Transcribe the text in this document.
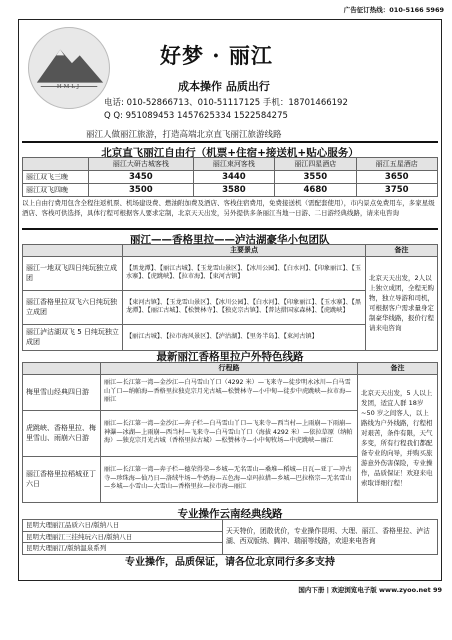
广告征订热线：010-5166 5969
HMLJ
好梦 · 丽江
成本操作 品质出行
电话: 010-52866713、010-51117125 手机：18701466192
Q Q: 951089453 1457625334 1522584275
丽江人做丽江旅游，打造高端北京直飞丽江旅游线路
北京直飞丽江自由行（机票+住宿+接送机+贴心服务）
	丽江大研古城客栈	丽江束河客栈	丽江四星酒店	丽江五星酒店
丽江双飞三晚	3450	3440	3550	3650
丽江双飞四晚	3500	3580	4680	3750
以上自由行费用包含全程往返机票、机场建设费、燃油附加费及酒店、客栈住宿费用，免费接送机（需配套使用），市内景点免费用车，多家星级酒店、客栈可供选择，具体行程可根据客人要求定制，北京天天出发，另外提供多条丽江当地一日游、二日游经典线路，请来电咨询
丽江——香格里拉——泸沽湖豪华小包团队
	主要景点	备注
丽江一地双飞四日纯玩独立成团	【黑龙潭】、【丽江古城】、【玉龙雪山景区】、【冰川公园】、【白水河】、【印象丽江】、【玉水寨】、【虎跳峡】、【拉市海】、【束河古镇】	北京天天出发，2人以上独立成团，全程无购物，独立导游和司机，可根据客户需求量身定制豪华线路，报价行程请来电咨询
丽江香格里拉双飞六日纯玩独立成团	【束河古镇】、【玉龙雪山景区】、【冰川公园】、【白水河】、【印象丽江】、【玉水寨】、【黑龙潭】、【丽江古城】、【松赞林寺】、【独克宗古镇】、【普达措国家森林】、【虎跳峡】	
丽江泸沽湖双飞 5 日纯玩独立成团	【丽江古城】、【拉市海风景区】、【泸沽湖】、【里务半岛】、【束河古镇】	
最新丽江香格里拉户外特色线路
	行程路	备注
梅里雪山经典四日游	丽江—长江第一湾—金沙江—白马雪山丫口（4292 米）—飞来寺—徒步明永冰川—白马雪山丫口—纳帕海—香格里拉独克宗月光古城—松赞林寺—小中甸—徒步中虎跳峡—拉市海—丽江	北京天天出发，5 人以上发团，适宜人群 18岁~50 岁之间客人，以上路线为户外线路，行程相对艰苦，条件有限，天气多变，所有行程我们都配备专业的向导，并购买旅游意外伤害保险，专业操作，品质保证！欢迎来电索取详细行程！
虎跳峡、香格里拉、梅里雪山、雨崩六日游	丽江—长江第一湾—金沙江—奔子栏—白马雪山丫口—飞来寺—西当村—上雨崩—下雨崩—神瀑—冰湖—上雨崩—西当村—飞来寺—白马雪山丫口（海拔 4292 米）—依拉草原（纳帕海）—独克宗月光古城（香格里拉古城）—松赞林寺—小中甸牧场—中虎跳峡—丽江	
丽江香格里拉稻城亚丁六日	丽江—长江第一湾—奔子栏—德荣得荣—乡城—无名雪山—桑堆—稻城—日瓦—亚丁—冲古寺—珍珠海—仙乃日—洛绒牛场—牛奶海—五色海—卓玛拉措—乡城—巴拉格宗—无名雪山—乡城—小雪山—大雪山—香格里拉—拉市海—丽江	
专业操作云南经典线路
昆明大理丽江品质六日/版纳八日	天天特价，团散优价，专业操作昆明、大理、丽江、香格里拉、泸沽湖、西双版纳、腾冲、瑞丽等线路，欢迎来电咨询
昆明大理丽江三挂纯玩六日/版纳八日
昆明大理丽江/版纳温泉系列
专业操作，品质保证，请各位北京同行多多支持
国内下册 | 欢迎浏览电子版 www.zyoo.net 99
